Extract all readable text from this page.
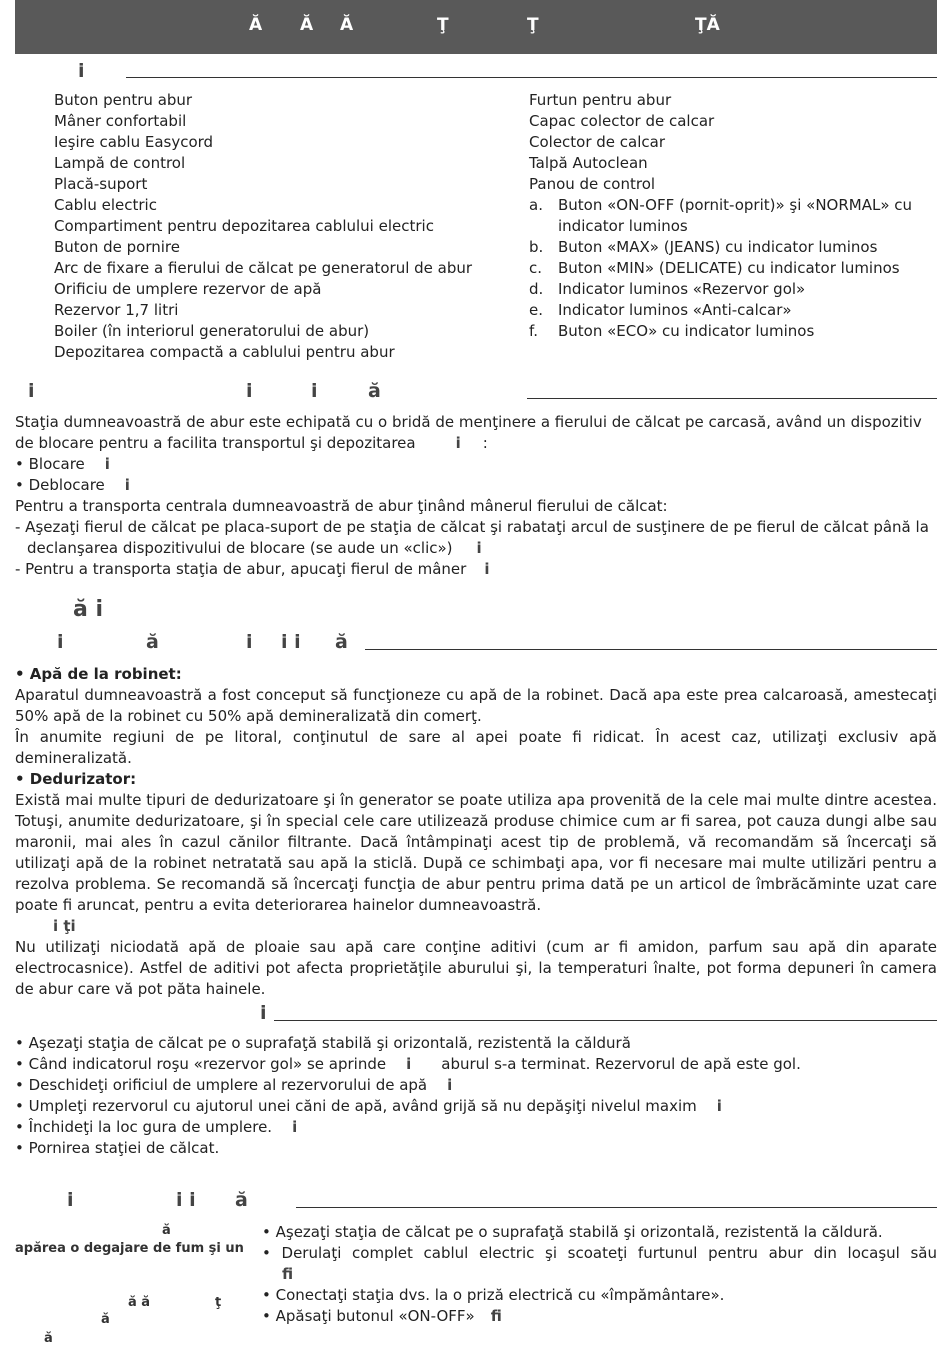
Ă Ă Ă	Ţ	Ţ	ŢĂ
i
Buton pentru abur
Mâner confortabil
Ieşire cablu Easycord
Lampă de control
Placă-suport
Cablu electric
Compartiment pentru depozitarea cablului electric
Buton de pornire
Arc de fixare a fierului de călcat pe generatorul de abur
Orificiu de umplere rezervor de apă
Rezervor 1,7 litri
Boiler (în interiorul generatorului de abur)
Depozitarea compactă a cablului pentru abur
Furtun pentru abur
Capac colector de calcar
Colector de calcar
Talpă Autoclean
Panou de control
a. Buton «ON-OFF (pornit-oprit)» şi «NORMAL» cu
indicator luminos
b. Buton «MAX» (JEANS) cu indicator luminos
c. Buton «MIN» (DELICATE) cu indicator luminos
d. Indicator luminos «Rezervor gol»
e. Indicator luminos «Anti-calcar»
f. Buton «ECO» cu indicator luminos
i	i	i	ă
Staţia dumneavoastră de abur este echipată cu o bridă de menţinere a fierului de călcat pe carcasă, având un dispozitiv
de blocare pentru a facilita transportul şi depozitarea	i :
• Blocare i
• Deblocare i
Pentru a transporta centrala dumneavoastră de abur ţinând mânerul fierului de călcat:
- Aşezaţi fierul de călcat pe placa-suport de pe staţia de călcat şi rabataţi arcul de susţinere de pe fierul de călcat până la
declanşarea dispozitivului de blocare (se aude un «clic») i
- Pentru a transporta staţia de abur, apucaţi fierul de mâner i
ă i
i	ă	i i i ă

• Apă de la robinet:

Aparatul dumneavoastră a fost conceput să funcţioneze cu apă de la robinet. Dacă apa este prea calcaroasă, amestecaţi 50% apă de la robinet cu 50% apă demineralizată din comerţ.

În anumite regiuni de pe litoral, conţinutul de sare al apei poate fi ridicat. În acest caz, utilizaţi exclusiv apă demineralizată.

• Dedurizator:

Există mai multe tipuri de dedurizatoare şi în generator se poate utiliza apa provenită de la cele mai multe dintre acestea. Totuşi, anumite dedurizatoare, şi în special cele care utilizează produse chimice cum ar fi sarea, pot cauza dungi albe sau maronii, mai ales în cazul cănilor filtrante. Dacă întâmpinaţi acest tip de problemă, vă recomandăm să încercaţi să utilizaţi apă de la robinet netratată sau apă la sticlă. După ce schimbaţi apa, vor fi necesare mai multe utilizări pentru a rezolva problema. Se recomandă să încercaţi funcţia de abur pentru prima dată pe un articol de îmbrăcăminte uzat care poate fi aruncat, pentru a evita deteriorarea hainelor dumneavoastră.

i ţi

Nu utilizaţi niciodată apă de ploaie sau apă care conţine aditivi (cum ar fi amidon, parfum sau apă din aparate electrocasnice). Astfel de aditivi pot afecta proprietăţile aburului şi, la temperaturi înalte, pot forma depuneri în camera de abur care vă pot păta hainele.

i
• Aşezaţi staţia de călcat pe o suprafaţă stabilă şi orizontală, rezistentă la căldură
• Când indicatorul roşu «rezervor gol» se aprinde i aburul s-a terminat. Rezervorul de apă este gol.
• Deschideţi orificiul de umplere al rezervorului de apă i
• Umpleţi rezervorul cu ajutorul unei căni de apă, având grijă să nu depăşiţi nivelul maxim i
• Închideţi la loc gura de umplere. i
• Pornirea staţiei de călcat.
i	i i ă
ă
apărea o degajare de fum şi un
ă ă	ţ
ă
ă
• Aşezaţi staţia de călcat pe o suprafaţă stabilă şi orizontală, rezistentă la căldură.
• Derulaţi complet cablul electric şi scoateţi furtunul pentru abur din locaşul său
fi
• Conectaţi staţia dvs. la o priză electrică cu «împământare».
• Apăsaţi butonul «ON-OFF» fi
